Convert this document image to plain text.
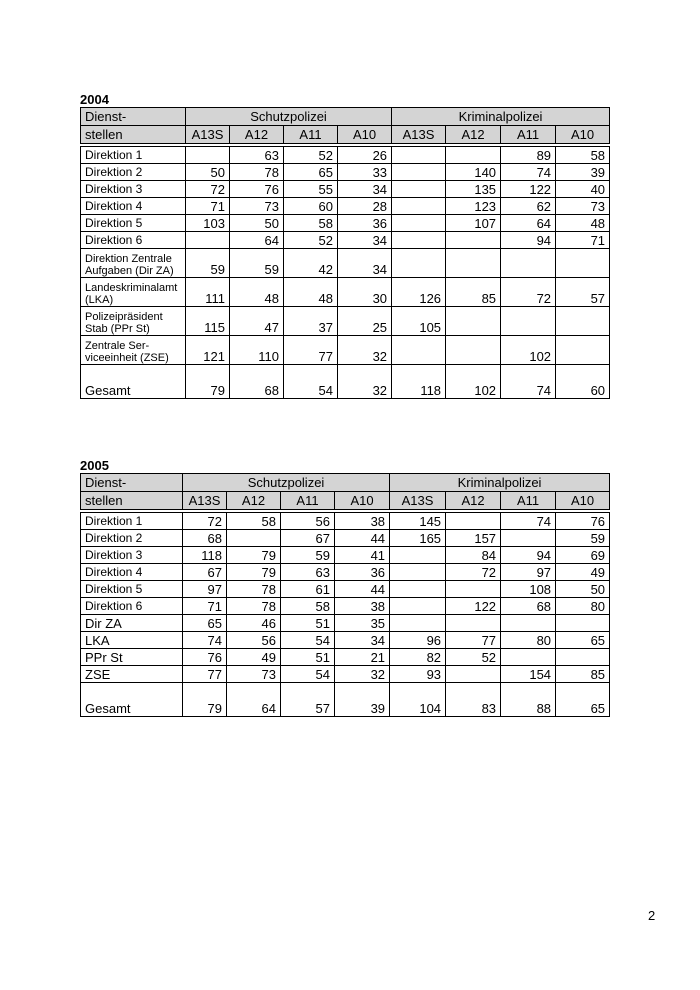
2004
Dienst-	Schutzpolizei				Kriminalpolizei			
stellen	A13S	A12	A11	A10	A13S	A12	A11	A10

Direktion 1		63	52	26			89	58

Direktion 2	50	78	65	33		140	74	39

Direktion 3	72	76	55	34		135	122	40

Direktion 4	71	73	60	28		123	62	73

Direktion 5	103	50	58	36		107	64	48

Direktion 6		64	52	34			94	71

Direktion Zentrale
Aufgaben (Dir ZA)	59	59	42	34				

Landeskriminalamt
(LKA)	111	48	48	30	126	85	72	57

Polizeipräsident
Stab (PPr St)	115	47	37	25	105			

Zentrale Ser-
viceeinheit (ZSE)	121	110	77	32			102	

Gesamt	79	68	54	32	118	102	74	60
2005
Dienst-	Schutzpolizei				Kriminalpolizei			
stellen	A13S	A12	A11	A10	A13S	A12	A11	A10

Direktion 1	72	58	56	38	145		74	76

Direktion 2	68		67	44	165	157		59

Direktion 3	118	79	59	41		84	94	69

Direktion 4	67	79	63	36		72	97	49

Direktion 5	97	78	61	44			108	50

Direktion 6	71	78	58	38		122	68	80

Dir ZA	65	46	51	35				

LKA	74	56	54	34	96	77	80	65

PPr St	76	49	51	21	82	52		

ZSE	77	73	54	32	93		154	85

Gesamt	79	64	57	39	104	83	88	65
2
